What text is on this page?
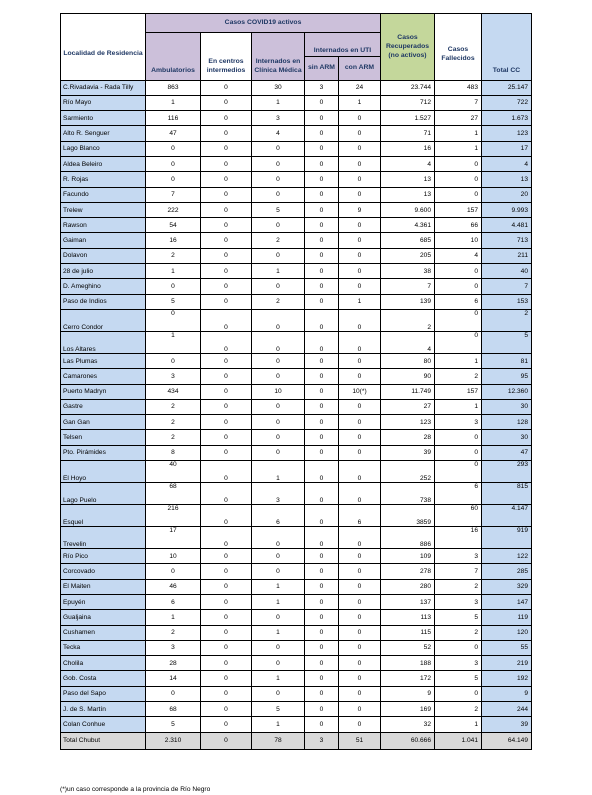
Localidad de Residencia	Casos COVID19 activos					Casos Recuperados (no activos)	Casos Fallecidos	Total CC
	Ambulatorios	En centros intermedios	Internados en Clínica Médica	Internados en UTI				
				sin ARM	con ARM			
C.Rivadavia - Rada Tilly	863	0	30	3	24	23.744	483	25.147
Río Mayo	1	0	1	0	1	712	7	722
Sarmiento	116	0	3	0	0	1.527	27	1.673
Alto R. Senguer	47	0	4	0	0	71	1	123
Lago Blanco	0	0	0	0	0	16	1	17
Aldea Beleiro	0	0	0	0	0	4	0	4
R. Rojas	0	0	0	0	0	13	0	13
Facundo	7	0	0	0	0	13	0	20
Trelew	222	0	5	0	9	9.600	157	9.993
Rawson	54	0	0	0	0	4.361	66	4.481
Gaiman	16	0	2	0	0	685	10	713
Dolavon	2	0	0	0	0	205	4	211
28 de julio	1	0	1	0	0	38	0	40
D. Ameghino	0	0	0	0	0	7	0	7
Paso de Indios	5	0	2	0	1	139	6	153
Cerro Condor	0	0	0	0	0	2	0	2
Los Altares	1	0	0	0	0	4	0	5
Las Plumas	0	0	0	0	0	80	1	81
Camarones	3	0	0	0	0	90	2	95
Puerto Madryn	434	0	10	0	10(*)	11.749	157	12.360
Gastre	2	0	0	0	0	27	1	30
Gan Gan	2	0	0	0	0	123	3	128
Telsen	2	0	0	0	0	28	0	30
Pto. Pirámides	8	0	0	0	0	39	0	47
El Hoyo	40	0	1	0	0	252	0	293
Lago Puelo	68	0	3	0	0	738	6	815
Esquel	216	0	6	0	6	3859	60	4.147
Trevelin	17	0	0	0	0	886	16	919
Río Pico	10	0	0	0	0	109	3	122
Corcovado	0	0	0	0	0	278	7	285
El Maiten	46	0	1	0	0	280	2	329
Epuyén	6	0	1	0	0	137	3	147
Gualjaina	1	0	0	0	0	113	5	119
Cushamen	2	0	1	0	0	115	2	120
Tecka	3	0	0	0	0	52	0	55
Cholila	28	0	0	0	0	188	3	219
Gob. Costa	14	0	1	0	0	172	5	192
Paso del Sapo	0	0	0	0	0	9	0	9
J. de S. Martín	68	0	5	0	0	169	2	244
Colan Conhue	5	0	1	0	0	32	1	39
Total Chubut	2.310	0	78	3	51	60.666	1.041	64.149
(*)un caso corresponde a la provincia de Río Negro
